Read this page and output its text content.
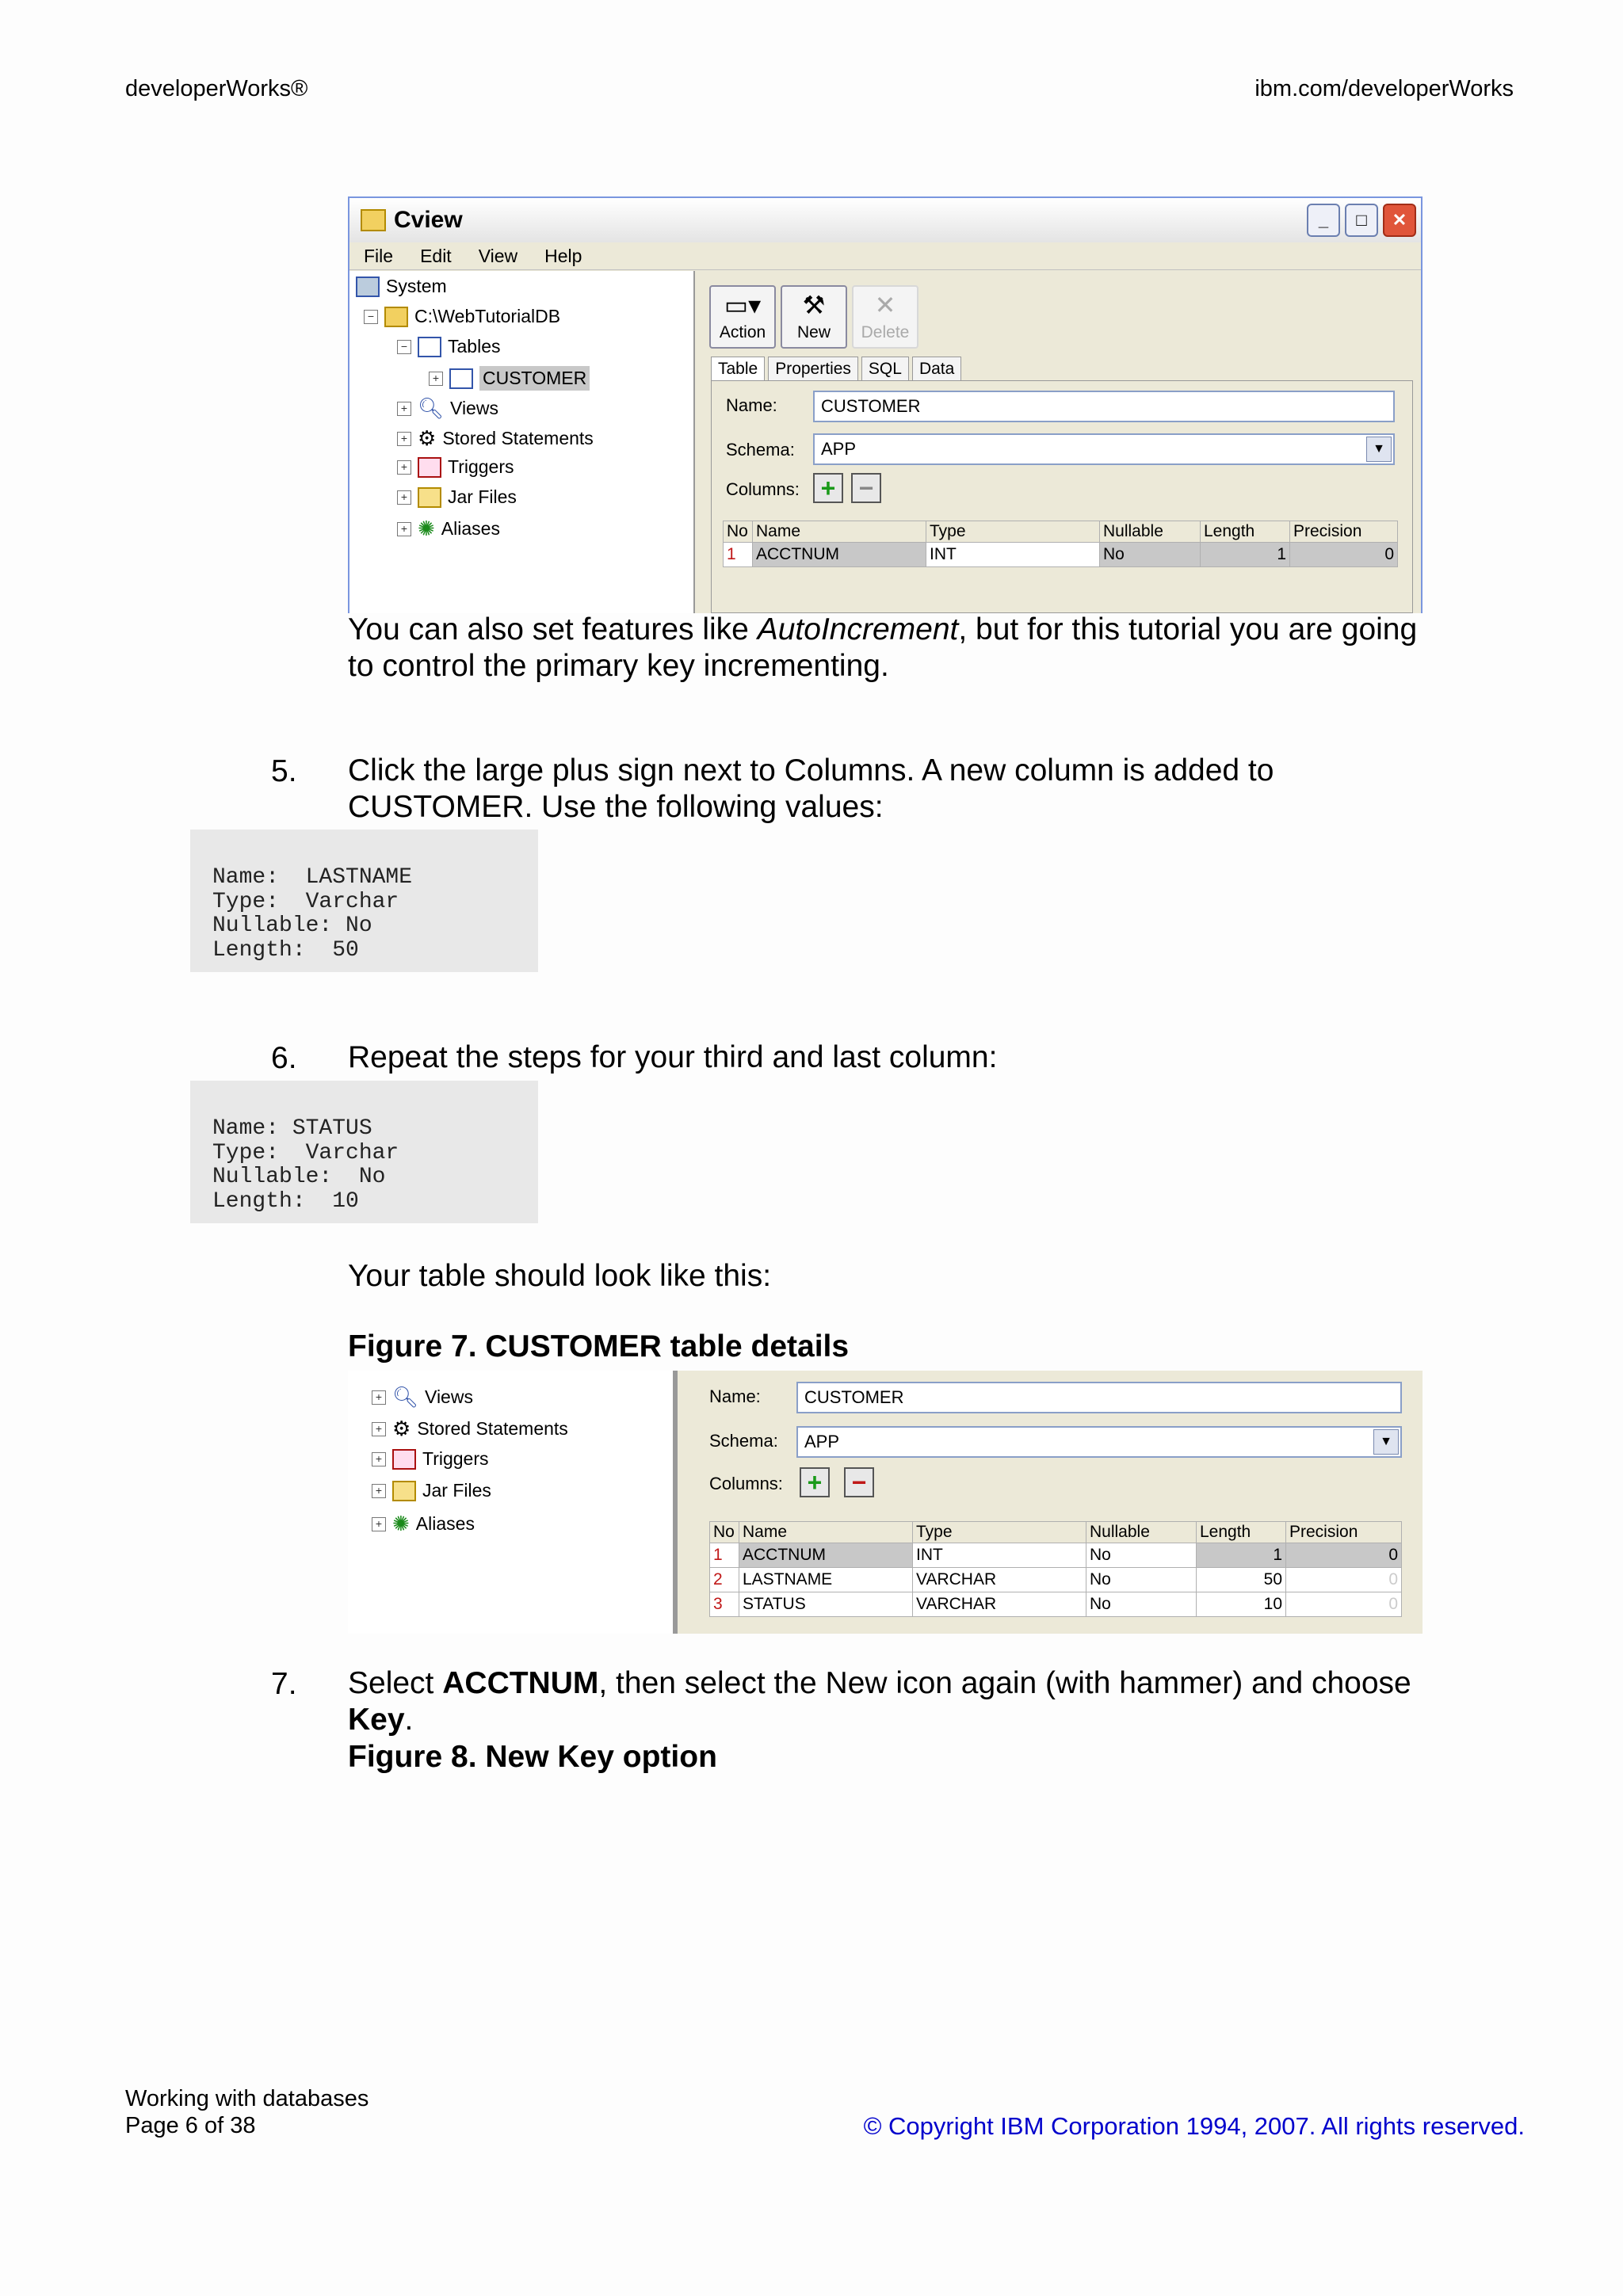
developerWorks®	ibm.com/developerWorks
Cview	_	□	✕
File Edit View Help
System
− C:\WebTutorialDB
− Tables
+ CUSTOMER
+ 🔍︎ Views
+ ⚙ Stored Statements
+ Triggers
+ Jar Files
+ ✺ Aliases
▭▾
Action
⚒
New
✕
Delete
Table	Properties	SQL	Data
Name:	CUSTOMER
Schema: APP	▼
Columns: + −
No	Name	Type	Nullable	Length	Precision
1	ACCTNUM	INT	No	1	0
You can also set features like AutoIncrement, but for this tutorial you are going to control the primary key incrementing.
5. Click the large plus sign next to Columns. A new column is added to CUSTOMER. Use the following values:
Name:  LASTNAME
Type:  Varchar
Nullable: No
Length:  50
6. Repeat the steps for your third and last column:
Name: STATUS
Type:  Varchar
Nullable:  No
Length:  10
Your table should look like this:
Figure 7. CUSTOMER table details
+ 🔍︎ Views
+ ⚙ Stored Statements
+ Triggers
+ Jar Files
+ ✺ Aliases
Name:	CUSTOMER
Schema: APP	▼
Columns: +	−
No	Name	Type	Nullable	Length	Precision
1	ACCTNUM	INT	No	1	0
2	LASTNAME	VARCHAR	No	50	0
3	STATUS	VARCHAR	No	10	0
7. Select ACCTNUM, then select the New icon again (with hammer) and choose Key.
Figure 8. New Key option
Working with databases
Page 6 of 38	© Copyright IBM Corporation 1994, 2007. All rights reserved.
